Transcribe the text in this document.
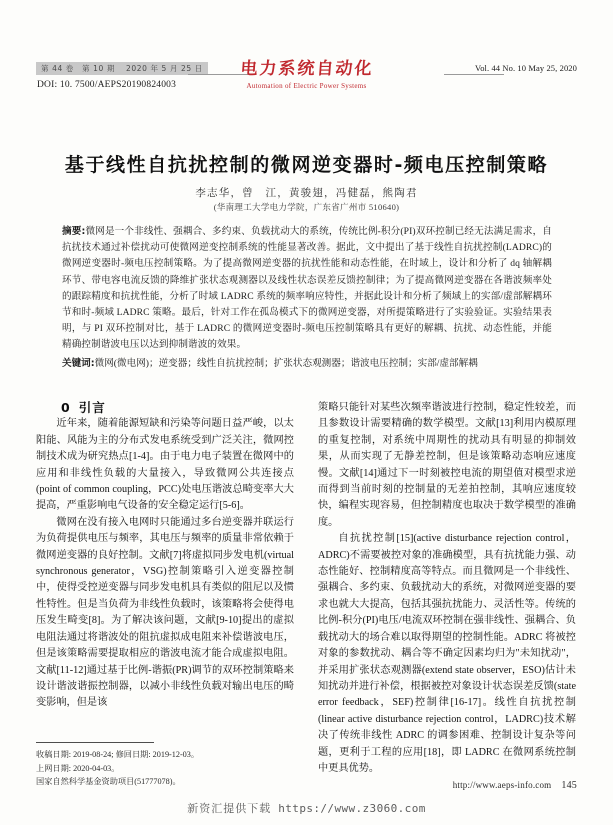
第 44 卷　第 10 期　 2020 年 5 月 25 日
DOI: 10. 7500/AEPS20190824003
Vol. 44 No. 10 May 25, 2020
电力系统自动化
Automation of Electric Power Systems
基于线性自抗扰控制的微网逆变器时-频电压控制策略
李志华，曾　江，黄骏翅，冯健磊，熊陶君
(华南理工大学电力学院，广东省广州市 510640)
摘要:微网是一个非线性、强耦合、多约束、负载扰动大的系统，传统比例-积分(PI)双环控制已经无法满足需求，自抗扰技术通过补偿扰动可使微网逆变控制系统的性能显著改善。据此，文中提出了基于线性自抗扰控制(LADRC)的微网逆变器时-频电压控制策略。为了提高微网逆变器的抗扰性能和动态性能，在时域上，设计和分析了 dq 轴解耦环节、带电容电流反馈的降维扩张状态观测器以及线性状态误差反馈控制律；为了提高微网逆变器在各谐波频率处的跟踪精度和抗扰性能，分析了时域 LADRC 系统的频率响应特性，并据此设计和分析了频域上的实部/虚部解耦环节和时-频域 LADRC 策略。最后，针对工作在孤岛模式下的微网逆变器，对所提策略进行了实验验证。实验结果表明，与 PI 双环控制对比，基于 LADRC 的微网逆变器时-频电压控制策略具有更好的解耦、抗扰、动态性能，并能精确控制谐波电压以达到抑制谐波的效果。
关键词:微网(微电网)；逆变器；线性自抗扰控制；扩张状态观测器；谐波电压控制；实部/虚部解耦

0 引言

近年来，随着能源短缺和污染等问题日益严峻，以太阳能、风能为主的分布式发电系统受到广泛关注，微网控制技术成为研究热点[1-4]。由于电力电子装置在微网中的应用和非线性负载的大量接入，导致微网公共连接点(point of common coupling，PCC)处电压谐波总畸变率大大提高，严重影响电气设备的安全稳定运行[5-6]。

微网在没有接入电网时只能通过多台逆变器并联运行为负荷提供电压与频率，其电压与频率的质量非常依赖于微网逆变器的良好控制。文献[7]将虚拟同步发电机(virtual synchronous generator，VSG)控制策略引入逆变器控制中，使得受控逆变器与同步发电机具有类似的阻尼以及惯性特性。但是当负荷为非线性负载时，该策略将会使得电压发生畸变[8]。为了解决该问题，文献[9-10]提出的虚拟电阻法通过将谐波处的阻抗虚拟成电阻来补偿谐波电压，但是该策略需要提取相应的谐波电流才能合成虚拟电阻。文献[11-12]通过基于比例-谐振(PR)调节的双环控制策略来设计谐波谐振控制器，以减小非线性负载对输出电压的畸变影响，但是该

策略只能针对某些次频率谐波进行控制，稳定性较差，而且参数设计需要精确的数学模型。文献[13]利用内模原理的重复控制，对系统中周期性的扰动具有明显的抑制效果，从而实现了无静差控制，但是该策略动态响应速度慢。文献[14]通过下一时刻被控电流的期望值对模型求逆而得到当前时刻的控制量的无差拍控制，其响应速度较快，编程实现容易，但控制精度也取决于数学模型的准确度。

自抗扰控制[15](active disturbance rejection control，ADRC)不需要被控对象的准确模型，具有抗扰能力强、动态性能好、控制精度高等特点。而且微网是一个非线性、强耦合、多约束、负载扰动大的系统，对微网逆变器的要求也就大大提高，包括其强抗扰能力、灵活性等。传统的比例-积分(PI)电压/电流双环控制在强非线性、强耦合、负载扰动大的场合难以取得期望的控制性能。ADRC 将被控对象的参数扰动、耦合等不确定因素均归为"未知扰动"，并采用扩张状态观测器(extend state observer，ESO)估计未知扰动并进行补偿，根据被控对象设计状态误差反馈(state error feedback，SEF)控制律[16-17]。线性自抗扰控制(linear active disturbance rejection control，LADRC)技术解决了传统非线性 ADRC 的调参困难、控制设计复杂等问题，更利于工程的应用[18]，即 LADRC 在微网系统控制中更具优势。

收稿日期: 2019-08-24; 修回日期: 2019-12-03。
上网日期: 2020-04-03。
国家自然科学基金资助项目(51777078)。	http://www.aeps-info.com 145
新资汇提供下载 https://www.z3060.com
